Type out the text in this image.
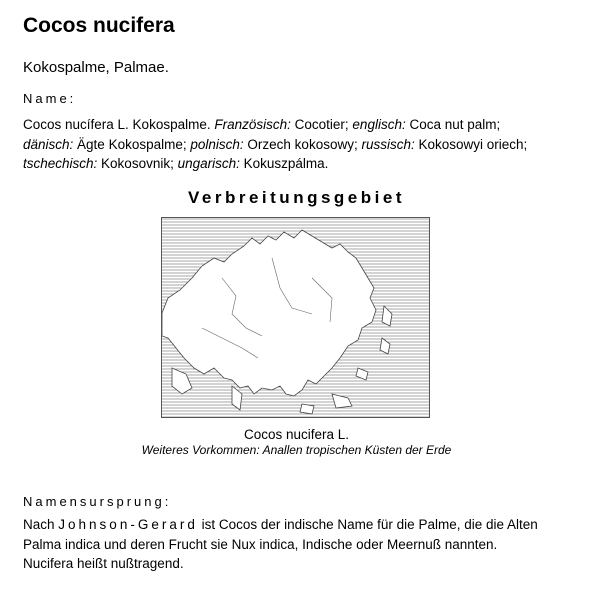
Cocos nucifera
Kokospalme, Palmae.
Name:
Cocos nucífera L. Kokospalme. Französisch: Cocotier; englisch: Coca nut palm;
dänisch: Ägte Kokospalme; polnisch: Orzech kokosowy; russisch: Kokosowyi oriech;
tschechisch: Kokosovnik; ungarisch: Kokuszpálma.
Verbreitungsgebiet
Cocos nucifera L.
Weiteres Vorkommen: Anallen tropischen Küsten der Erde
Namensursprung:
Nach Johnson-Gerard ist Cocos der indische Name für die Palme, die die Alten
Palma indica und deren Frucht sie Nux indica, Indische oder Meernuß nannten.
Nucifera heißt nußtragend.
